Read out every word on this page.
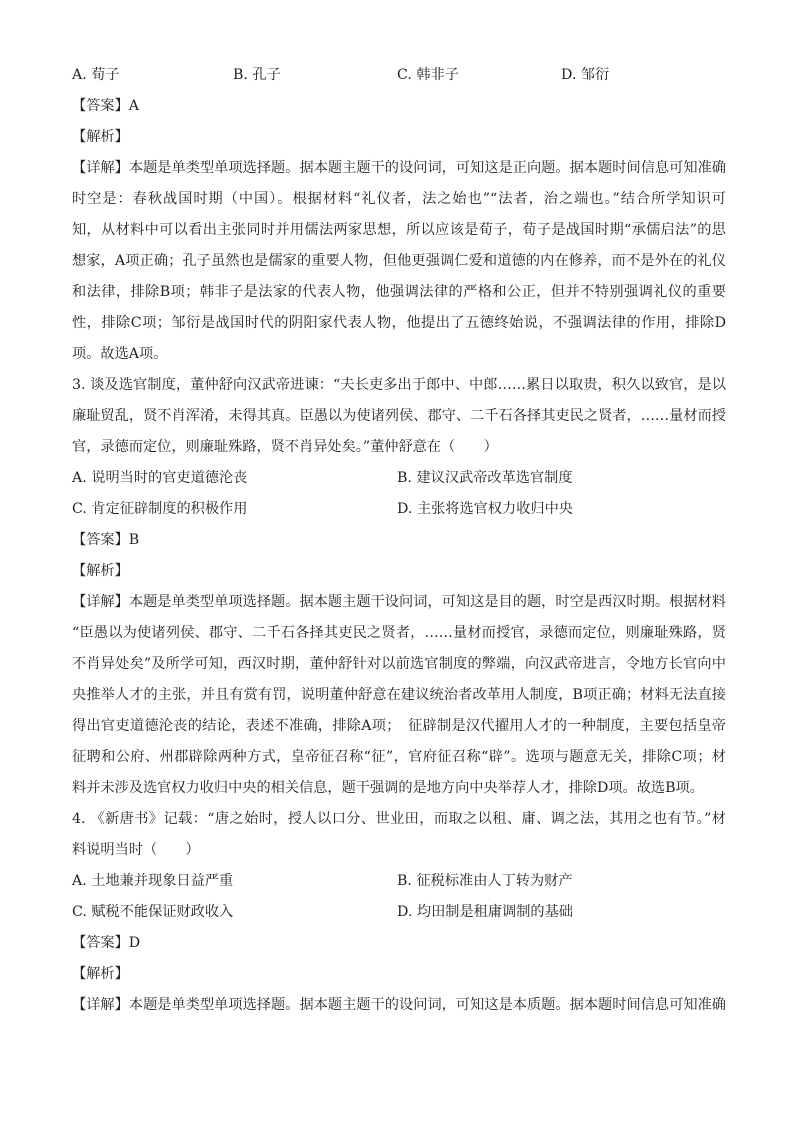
A. 荀子	B. 孔子	C. 韩非子	D. 邹衍
【答案】A
【解析】
【详解】本题是单类型单项选择题。据本题主题干的设问词，可知这是正向题。据本题时间信息可知准确
时空是：春秋战国时期（中国）。根据材料“礼仪者，法之始也”“法者，治之端也。”结合所学知识可
知，从材料中可以看出主张同时并用儒法两家思想，所以应该是荀子，荀子是战国时期“承儒启法”的思
想家，A项正确；孔子虽然也是儒家的重要人物，但他更强调仁爱和道德的内在修养，而不是外在的礼仪
和法律，排除B项；韩非子是法家的代表人物，他强调法律的严格和公正，但并不特别强调礼仪的重要
性，排除C项；邹衍是战国时代的阴阳家代表人物，他提出了五德终始说，不强调法律的作用，排除D
项。故选A项。
3. 谈及选官制度，董仲舒向汉武帝进谏：“夫长吏多出于郎中、中郎……累日以取贵，积久以致官，是以
廉耻贸乱，贤不肖浑淆，未得其真。臣愚以为使诸列侯、郡守、二千石各择其吏民之贤者，……量材而授
官，录德而定位，则廉耻殊路，贤不肖异处矣。”董仲舒意在（　　）
A. 说明当时的官吏道德沦丧	B. 建议汉武帝改革选官制度
C. 肯定征辟制度的积极作用	D. 主张将选官权力收归中央
【答案】B
【解析】
【详解】本题是单类型单项选择题。据本题主题干设问词，可知这是目的题，时空是西汉时期。根据材料
“臣愚以为使诸列侯、郡守、二千石各择其吏民之贤者，……量材而授官，录德而定位，则廉耻殊路，贤
不肖异处矣”及所学可知，西汉时期，董仲舒针对以前选官制度的弊端，向汉武帝进言，令地方长官向中
央推举人才的主张，并且有赏有罚，说明董仲舒意在建议统治者改革用人制度，B项正确；材料无法直接
得出官吏道德沦丧的结论，表述不准确，排除A项；　征辟制是汉代擢用人才的一种制度，主要包括皇帝
征聘和公府、州郡辟除两种方式，皇帝征召称“征”，官府征召称“辟”。选项与题意无关，排除C项；材
料并未涉及选官权力收归中央的相关信息，题干强调的是地方向中央举荐人才，排除D项。故选B项。
4. 《新唐书》记载：“唐之始时，授人以口分、世业田，而取之以租、庸、调之法，其用之也有节。”材
料说明当时（　　）
A. 土地兼并现象日益严重	B. 征税标准由人丁转为财产
C. 赋税不能保证财政收入	D. 均田制是租庸调制的基础
【答案】D
【解析】
【详解】本题是单类型单项选择题。据本题主题干的设问词，可知这是本质题。据本题时间信息可知准确
